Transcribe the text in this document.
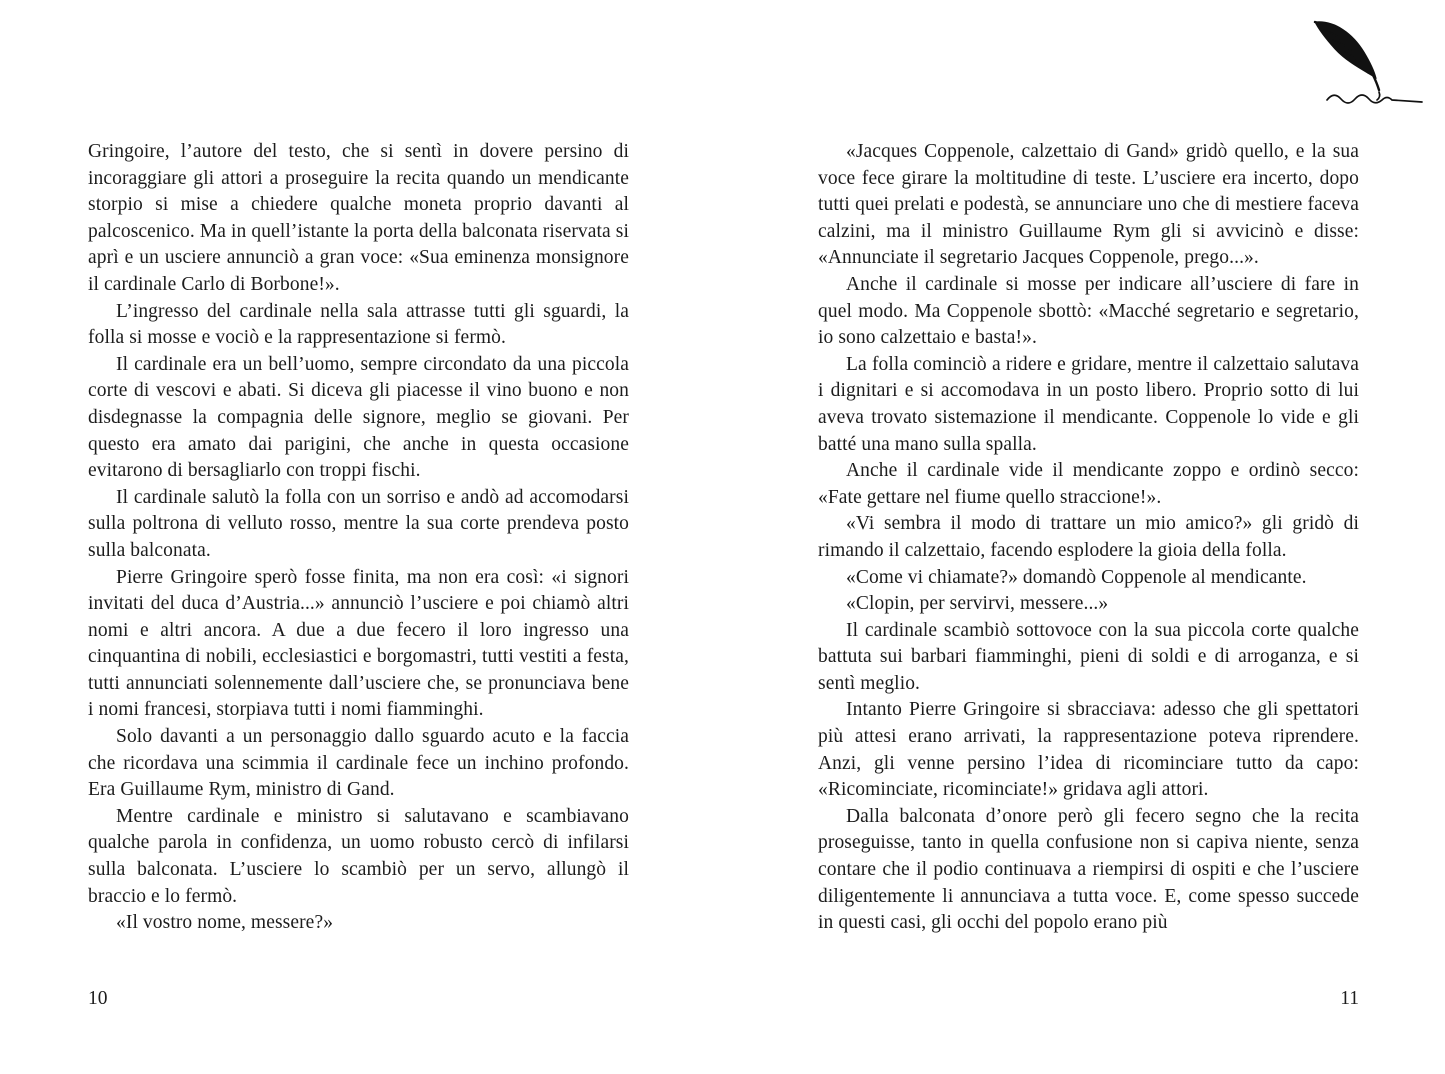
Gringoire, l’autore del testo, che si sentì in dovere persino di incoraggiare gli attori a proseguire la recita quando un mendicante storpio si mise a chiedere qualche moneta proprio davanti al palcoscenico. Ma in quell’istante la porta della balconata riservata si aprì e un usciere annunciò a gran voce: «Sua eminenza monsignore il cardinale Carlo di Borbone!».

L’ingresso del cardinale nella sala attrasse tutti gli sguardi, la folla si mosse e vociò e la rappresentazione si fermò.

Il cardinale era un bell’uomo, sempre circondato da una piccola corte di vescovi e abati. Si diceva gli piacesse il vino buono e non disdegnasse la compagnia delle signore, meglio se giovani. Per questo era amato dai parigini, che anche in questa occasione evitarono di bersagliarlo con troppi fischi.

Il cardinale salutò la folla con un sorriso e andò ad accomodarsi sulla poltrona di velluto rosso, mentre la sua corte prendeva posto sulla balconata.

Pierre Gringoire sperò fosse finita, ma non era così: «i signori invitati del duca d’Austria...» annunciò l’usciere e poi chiamò altri nomi e altri ancora. A due a due fecero il loro ingresso una cinquantina di nobili, ecclesiastici e borgomastri, tutti vestiti a festa, tutti annunciati solennemente dall’usciere che, se pronunciava bene i nomi francesi, storpiava tutti i nomi fiamminghi.

Solo davanti a un personaggio dallo sguardo acuto e la faccia che ricordava una scimmia il cardinale fece un inchino profondo. Era Guillaume Rym, ministro di Gand.

Mentre cardinale e ministro si salutavano e scambiavano qualche parola in confidenza, un uomo robusto cercò di infilarsi sulla balconata. L’usciere lo scambiò per un servo, allungò il braccio e lo fermò.

«Il vostro nome, messere?»

10

«Jacques Coppenole, calzettaio di Gand» gridò quello, e la sua voce fece girare la moltitudine di teste. L’usciere era incerto, dopo tutti quei prelati e podestà, se annunciare uno che di mestiere faceva calzini, ma il ministro Guillaume Rym gli si avvicinò e disse: «Annunciate il segretario Jacques Coppenole, prego...».

Anche il cardinale si mosse per indicare all’usciere di fare in quel modo. Ma Coppenole sbottò: «Macché segretario e segretario, io sono calzettaio e basta!».

La folla cominciò a ridere e gridare, mentre il calzettaio salutava i dignitari e si accomodava in un posto libero. Proprio sotto di lui aveva trovato sistemazione il mendicante. Coppenole lo vide e gli batté una mano sulla spalla.

Anche il cardinale vide il mendicante zoppo e ordinò secco: «Fate gettare nel fiume quello straccione!».

«Vi sembra il modo di trattare un mio amico?» gli gridò di rimando il calzettaio, facendo esplodere la gioia della folla.

«Come vi chiamate?» domandò Coppenole al mendicante.

«Clopin, per servirvi, messere...»

Il cardinale scambiò sottovoce con la sua piccola corte qualche battuta sui barbari fiamminghi, pieni di soldi e di arroganza, e si sentì meglio.

Intanto Pierre Gringoire si sbracciava: adesso che gli spettatori più attesi erano arrivati, la rappresentazione poteva riprendere. Anzi, gli venne persino l’idea di ricominciare tutto da capo: «Ricominciate, ricominciate!» gridava agli attori.

Dalla balconata d’onore però gli fecero segno che la recita proseguisse, tanto in quella confusione non si capiva niente, senza contare che il podio continuava a riempirsi di ospiti e che l’usciere diligentemente li annunciava a tutta voce. E, come spesso succede in questi casi, gli occhi del popolo erano più

11
